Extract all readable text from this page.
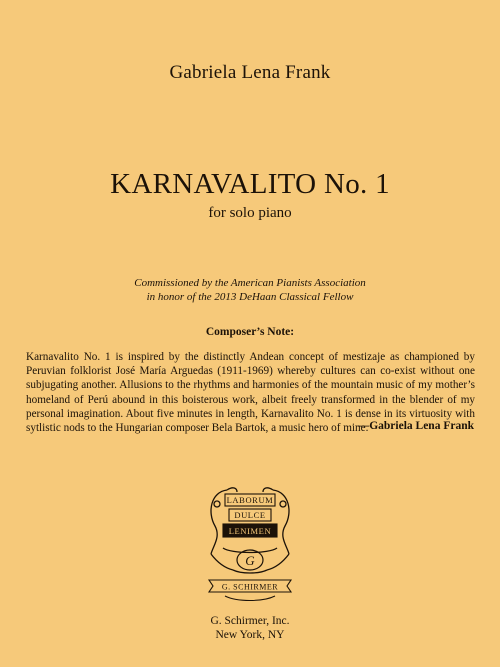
Gabriela Lena Frank
KARNAVALITO No. 1
for solo piano
Commissioned by the American Pianists Association
in honor of the 2013 DeHaan Classical Fellow
Composer’s Note:
Karnavalito No. 1 is inspired by the distinctly Andean concept of mestizaje as championed by Peruvian folklorist José María Arguedas (1911-1969) whereby cultures can co-exist without one subjugating another. Allusions to the rhythms and harmonies of the mountain music of my mother’s homeland of Perú abound in this boisterous work, albeit freely transformed in the blender of my personal imagination. About five minutes in length, Karnavalito No. 1 is dense in its virtuosity with sytlistic nods to the Hungarian composer Bela Bartok, a music hero of mine.
—Gabriela Lena Frank
LABORUM
DULCE
LENIMEN
G
G. SCHIRMER
G. Schirmer, Inc.
New York, NY
